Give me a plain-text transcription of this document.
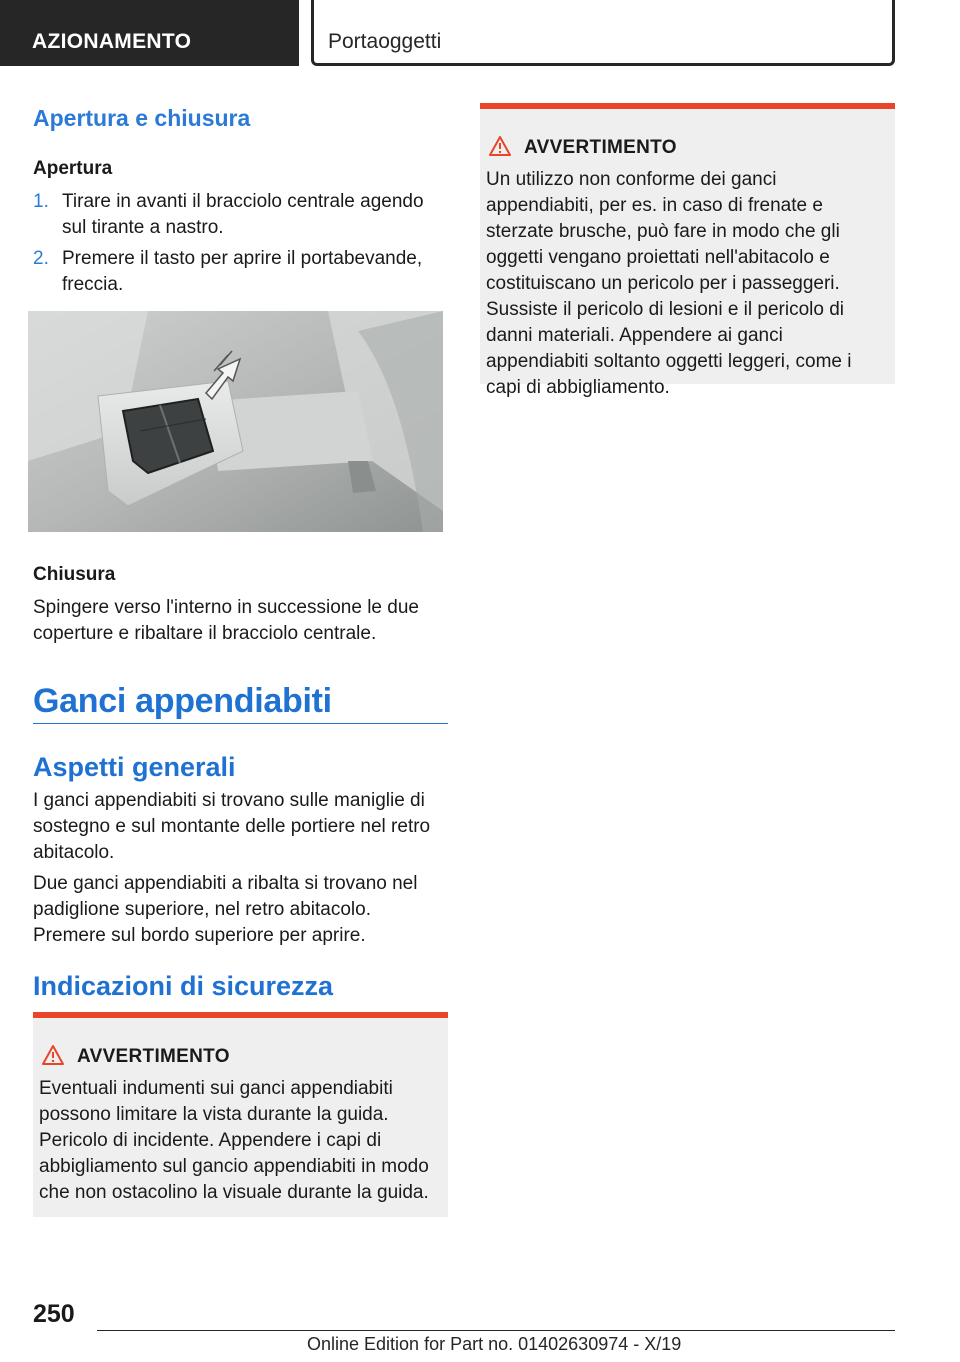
AZIONAMENTO	Portaoggetti
Apertura e chiusura
Apertura
1. Tirare in avanti il bracciolo centrale agendo sul tirante a nastro.
2. Premere il tasto per aprire il portabevande, freccia.
Chiusura
Spingere verso l'interno in successione le due coperture e ribaltare il bracciolo centrale.
Ganci appendiabiti
Aspetti generali
I ganci appendiabiti si trovano sulle maniglie di sostegno e sul montante delle portiere nel retro abitacolo.
Due ganci appendiabiti a ribalta si trovano nel padiglione superiore, nel retro abitacolo. Premere sul bordo superiore per aprire.
Indicazioni di sicurezza
AVVERTIMENTO
Eventuali indumenti sui ganci appendiabiti possono limitare la vista durante la guida. Pericolo di incidente. Appendere i capi di abbigliamento sul gancio appendiabiti in modo che non ostacolino la visuale durante la guida.
AVVERTIMENTO
Un utilizzo non conforme dei ganci appendiabiti, per es. in caso di frenate e sterzate brusche, può fare in modo che gli oggetti vengano proiettati nell'abitacolo e costituiscano un pericolo per i passeggeri. Sussiste il pericolo di lesioni e il pericolo di danni materiali. Appendere ai ganci appendiabiti soltanto oggetti leggeri, come i capi di abbigliamento.
250
Online Edition for Part no. 01402630974 - X/19
